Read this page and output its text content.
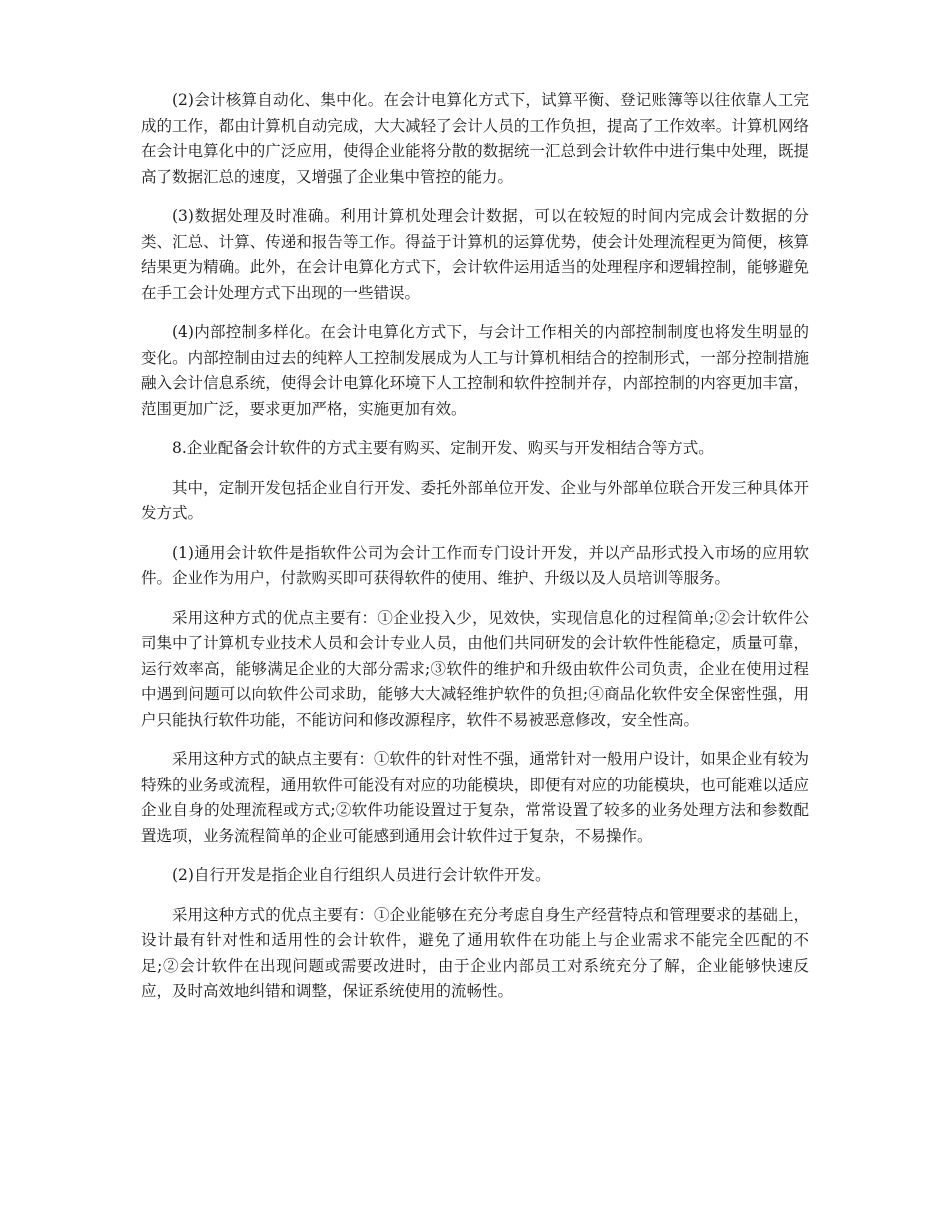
(2)会计核算自动化、集中化。在会计电算化方式下，试算平衡、登记账簿等以往依靠人工完成的工作，都由计算机自动完成，大大减轻了会计人员的工作负担，提高了工作效率。计算机网络在会计电算化中的广泛应用，使得企业能将分散的数据统一汇总到会计软件中进行集中处理，既提高了数据汇总的速度，又增强了企业集中管控的能力。

(3)数据处理及时准确。利用计算机处理会计数据，可以在较短的时间内完成会计数据的分类、汇总、计算、传递和报告等工作。得益于计算机的运算优势，使会计处理流程更为简便，核算结果更为精确。此外，在会计电算化方式下，会计软件运用适当的处理程序和逻辑控制，能够避免在手工会计处理方式下出现的一些错误。

(4)内部控制多样化。在会计电算化方式下，与会计工作相关的内部控制制度也将发生明显的变化。内部控制由过去的纯粹人工控制发展成为人工与计算机相结合的控制形式，一部分控制措施融入会计信息系统，使得会计电算化环境下人工控制和软件控制并存，内部控制的内容更加丰富，范围更加广泛，要求更加严格，实施更加有效。

8.企业配备会计软件的方式主要有购买、定制开发、购买与开发相结合等方式。

其中，定制开发包括企业自行开发、委托外部单位开发、企业与外部单位联合开发三种具体开发方式。

(1)通用会计软件是指软件公司为会计工作而专门设计开发，并以产品形式投入市场的应用软件。企业作为用户，付款购买即可获得软件的使用、维护、升级以及人员培训等服务。

采用这种方式的优点主要有：①企业投入少，见效快，实现信息化的过程简单;②会计软件公司集中了计算机专业技术人员和会计专业人员，由他们共同研发的会计软件性能稳定，质量可靠，运行效率高，能够满足企业的大部分需求;③软件的维护和升级由软件公司负责，企业在使用过程中遇到问题可以向软件公司求助，能够大大减轻维护软件的负担;④商品化软件安全保密性强，用户只能执行软件功能，不能访问和修改源程序，软件不易被恶意修改，安全性高。

采用这种方式的缺点主要有：①软件的针对性不强，通常针对一般用户设计，如果企业有较为特殊的业务或流程，通用软件可能没有对应的功能模块，即便有对应的功能模块，也可能难以适应企业自身的处理流程或方式;②软件功能设置过于复杂，常常设置了较多的业务处理方法和参数配置选项，业务流程简单的企业可能感到通用会计软件过于复杂，不易操作。

(2)自行开发是指企业自行组织人员进行会计软件开发。

采用这种方式的优点主要有：①企业能够在充分考虑自身生产经营特点和管理要求的基础上，设计最有针对性和适用性的会计软件，避免了通用软件在功能上与企业需求不能完全匹配的不足;②会计软件在出现问题或需要改进时，由于企业内部员工对系统充分了解，企业能够快速反应，及时高效地纠错和调整，保证系统使用的流畅性。
